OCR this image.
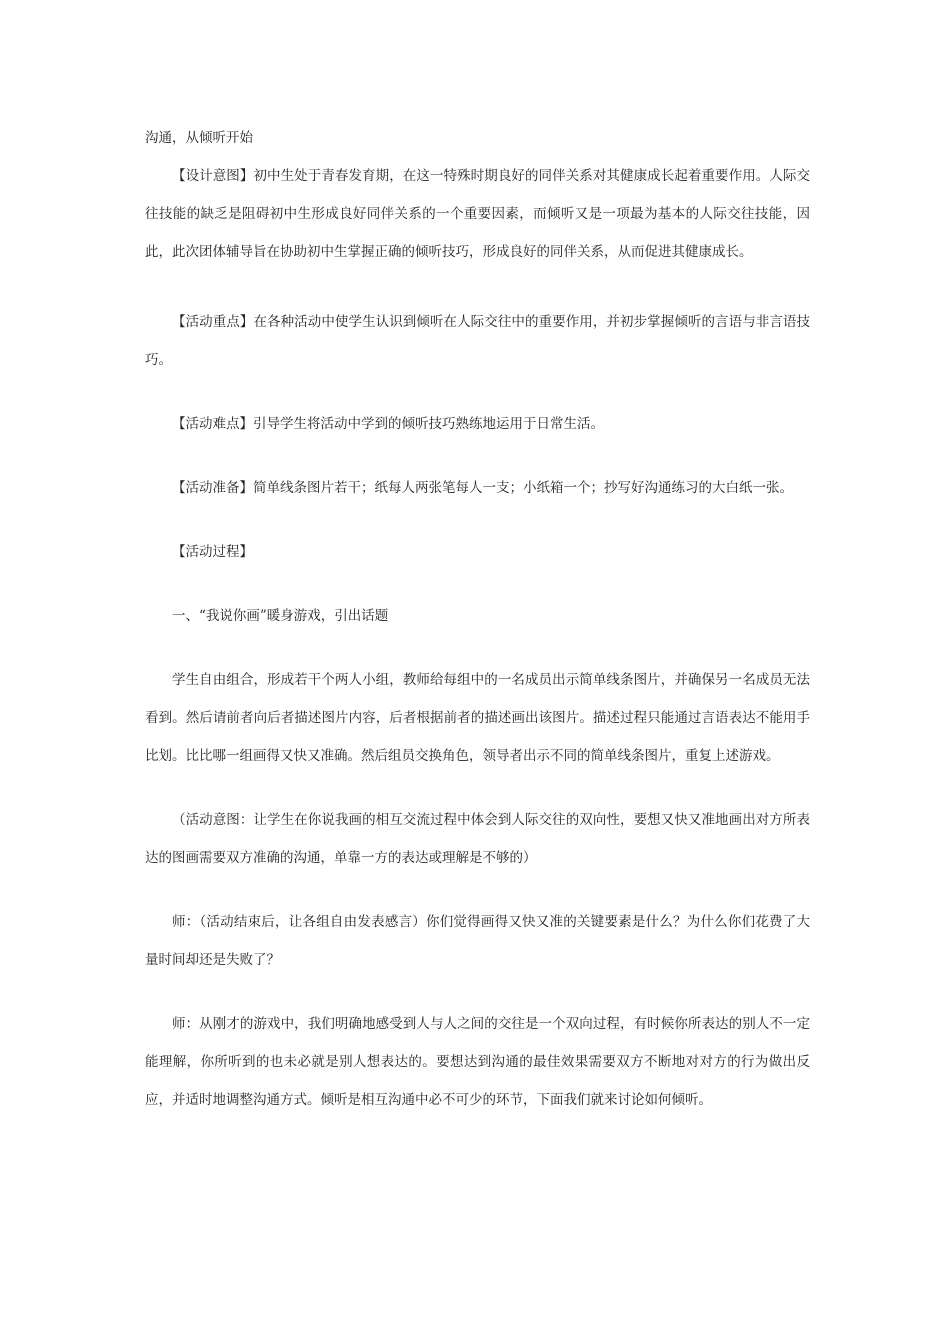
沟通，从倾听开始

【设计意图】初中生处于青春发育期，在这一特殊时期良好的同伴关系对其健康成长起着重要作用。人际交往技能的缺乏是阻碍初中生形成良好同伴关系的一个重要因素，而倾听又是一项最为基本的人际交往技能，因此，此次团体辅导旨在协助初中生掌握正确的倾听技巧，形成良好的同伴关系，从而促进其健康成长。

【活动重点】在各种活动中使学生认识到倾听在人际交往中的重要作用，并初步掌握倾听的言语与非言语技巧。

【活动难点】引导学生将活动中学到的倾听技巧熟练地运用于日常生活。

【活动准备】简单线条图片若干；纸每人两张笔每人一支；小纸箱一个；抄写好沟通练习的大白纸一张。

【活动过程】

一、“我说你画”暖身游戏，引出话题

学生自由组合，形成若干个两人小组，教师给每组中的一名成员出示简单线条图片，并确保另一名成员无法看到。然后请前者向后者描述图片内容，后者根据前者的描述画出该图片。描述过程只能通过言语表达不能用手比划。比比哪一组画得又快又准确。然后组员交换角色，领导者出示不同的简单线条图片，重复上述游戏。

（活动意图：让学生在你说我画的相互交流过程中体会到人际交往的双向性，要想又快又准地画出对方所表达的图画需要双方准确的沟通，单靠一方的表达或理解是不够的）

师：（活动结束后，让各组自由发表感言）你们觉得画得又快又准的关键要素是什么？为什么你们花费了大量时间却还是失败了？

师：从刚才的游戏中，我们明确地感受到人与人之间的交往是一个双向过程，有时候你所表达的别人不一定能理解，你所听到的也未必就是别人想表达的。要想达到沟通的最佳效果需要双方不断地对对方的行为做出反应，并适时地调整沟通方式。倾听是相互沟通中必不可少的环节，下面我们就来讨论如何倾听。
